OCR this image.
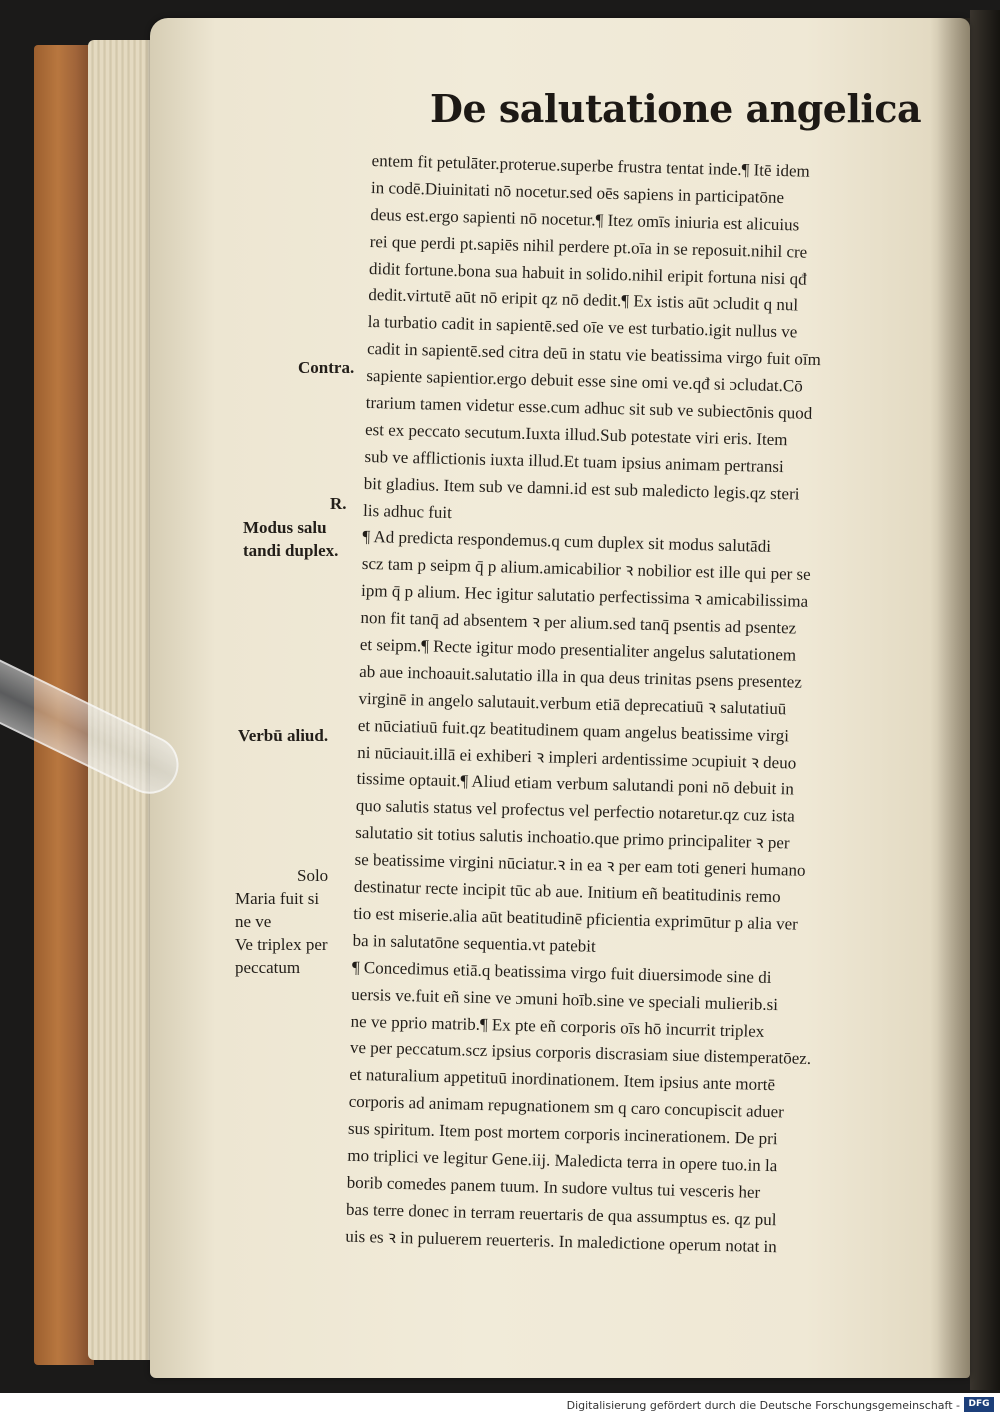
De salutatione angelica
entem fit petulāter.proterue.superbe frustra tentat inde.¶ Itē idem
in codē.Diuinitati nō nocetur.sed oēs sapiens in participatōne
deus est.ergo sapienti nō nocetur.¶ Itez omīs iniuria est alicuius
rei que perdi pt.sapiēs nihil perdere pt.oīa in se reposuit.nihil cre
didit fortune.bona sua habuit in solido.nihil eripit fortuna nisi qđ
dedit.virtutē aūt nō eripit qz nō dedit.¶ Ex istis aūt ɔcludit q nul
la turbatio cadit in sapientē.sed oīe ve est turbatio.igit nullus ve
cadit in sapientē.sed citra deū in statu vie beatissima virgo fuit oīm
sapiente sapientior.ergo debuit esse sine omi ve.qđ si ɔcludat.Cō
trarium tamen videtur esse.cum adhuc sit sub ve subiectōnis quod
est ex peccato secutum.Iuxta illud.Sub potestate viri eris. Item
sub ve afflictionis iuxta illud.Et tuam ipsius animam pertransi
bit gladius. Item sub ve damni.id est sub maledicto legis.qz steri
lis adhuc fuit
¶ Ad predicta respondemus.q cum duplex sit modus salutādi
scz tam p seipm q̄ p alium.amicabilior ꝛ nobilior est ille qui per se
ipm q̄ p alium. Hec igitur salutatio perfectissima ꝛ amicabilissima
non fit tanq̄ ad absentem ꝛ per alium.sed tanq̄ psentis ad psentez
et seipm.¶ Recte igitur modo presentialiter angelus salutationem
ab aue inchoauit.salutatio illa in qua deus trinitas psens presentez
virginē in angelo salutauit.verbum etiā deprecatiuū ꝛ salutatiuū
et nūciatiuū fuit.qz beatitudinem quam angelus beatissime virgi
ni nūciauit.illā ei exhiberi ꝛ impleri ardentissime ɔcupiuit ꝛ deuo
tissime optauit.¶ Aliud etiam verbum salutandi poni nō debuit in
quo salutis status vel profectus vel perfectio notaretur.qz cuz ista
salutatio sit totius salutis inchoatio.que primo principaliter ꝛ per
se beatissime virgini nūciatur.ꝛ in ea ꝛ per eam toti generi humano
destinatur recte incipit tūc ab aue. Initium eñ beatitudinis remo
tio est miserie.alia aūt beatitudinē pficientia exprimūtur p alia ver
ba in salutatōne sequentia.vt patebit
¶ Concedimus etiā.q beatissima virgo fuit diuersimode sine di
uersis ve.fuit eñ sine ve ɔmuni hoīb.sine ve speciali mulierib.si
ne ve pprio matrib.¶ Ex pte eñ corporis oīs hō incurrit triplex
ve per peccatum.scz ipsius corporis discrasiam siue distemperatōez.
et naturalium appetituū inordinationem. Item ipsius ante mortē
corporis ad animam repugnationem sm q caro concupiscit aduer
sus spiritum. Item post mortem corporis incinerationem. De pri
mo triplici ve legitur Gene.iij. Maledicta terra in opere tuo.in la
borib comedes panem tuum. In sudore vultus tui vesceris her
bas terre donec in terram reuertaris de qua assumptus es. qz pul
uis es ꝛ in puluerem reuerteris. In maledictione operum notat in
Contra.
R.
Modus salu
tandi duplex.
Verbū aliud.
Solo
Maria fuit si
ne ve
Ve triplex per
peccatum
Digitalisierung gefördert durch die Deutsche Forschungsgemeinschaft - DFG
